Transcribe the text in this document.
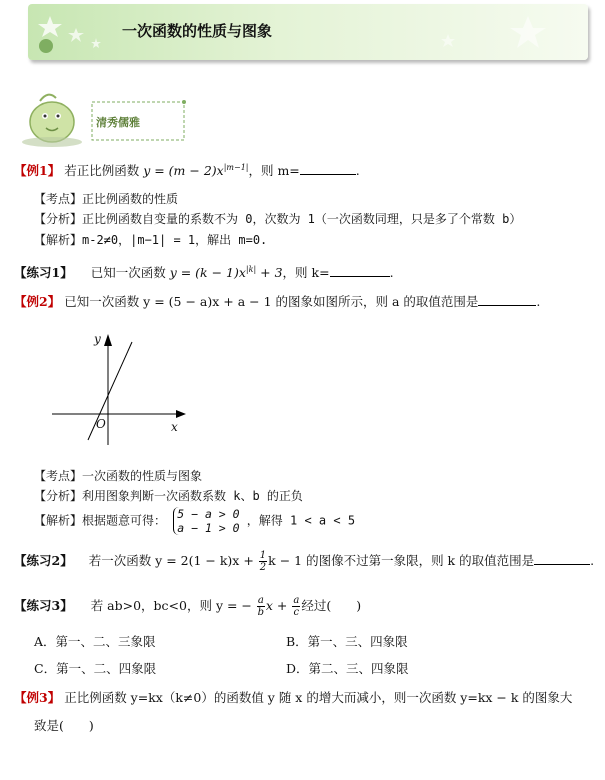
一次函数的性质与图象
清秀儒雅
【例1】 若正比例函数 $y = (m - 2)x^{|m-1|}$，则 m=	.
【考点】正比例函数的性质
【分析】正比例函数自变量的系数不为 0，次数为 1（一次函数同理，只是多了个常数 b）
【解析】m-2≠0，|m−1| = 1，解出 m=0.
【练习1】 已知一次函数 $y = (k - 1)x^{|k|} + 3$，则 k=	.
【例2】 已知一次函数 y = (5 − a)x + a − 1 的图象如图所示，则 a 的取值范围是	.
y
x
O
【考点】一次函数的性质与图象
【分析】利用图象判断一次函数系数 k、b 的正负
【解析】根据题意可得： 5 − a > 0
a − 1 > 0
，解得 1 < a < 5
【练习2】 若一次函数 $y = 2(1 - k)x + \frac{1}{2}$ k − 1 的图像不过第一象限，则 k 的取值范围是	.
【练习3】 若 ab>0，bc<0，则 y = − $\frac{a}{b}$ $x + \frac{a}{c}$ 经过(　　)
A．第一、二、三象限	B．第一、三、四象限
C．第一、二、四象限	D．第二、三、四象限
【例3】 正比例函数 y=kx（k≠0）的函数值 y 随 x 的增大而减小，则一次函数 y=kx − k 的图象大
致是(　　)
